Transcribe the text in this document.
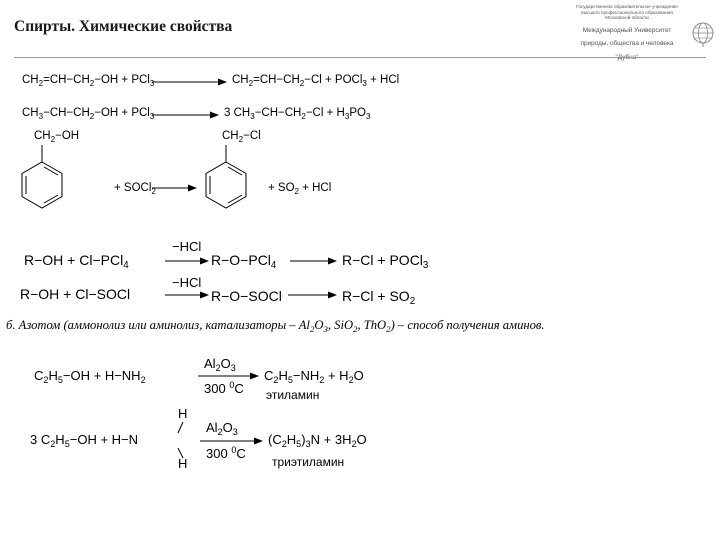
Спирты. Химические свойства
Государственное образовательное учреждение
высшего профессионального образования
Московской области
Международный Университет
природы, общества и человека
$CH_2=CH-CH_2-OH + PCl_3$	$CH_2=CH-CH_2-Cl$ + POCl$_3$ + HCl
$CH_3-CH-CH_2-OH + PCl_3$	3 $CH_3-CH-CH_2-Cl + H_3PO_3$
$CH_2-OH$
+ SOCl$_2$
$CH_2-Cl$
+ $SO_2$ + HCl
R−OH + Cl−PCl$_4$
−HCl
R−O−PCl$_4$	R−Cl + POCl$_3$
R−OH + Cl−SOCl
−HCl
R−O−SOCl	$R-Cl + SO_2$
б. Азотом (аммонолиз или аминолиз, катализаторы – $Al_2O_3$, SiO$_2$, ThO$_2$) – способ получения аминов.
$C_2H_5-OH + H-NH_2$
$Al_2O_3$
300 $^0$C
$C_2H_5-NH_2 + H_2O$
этиламин
3 $C_2H_5-OH + H-N$
H
H
$Al_2O_3$
300 $^0$C
$(C_2H_5)_3N + 3H_2O$
триэтиламин
